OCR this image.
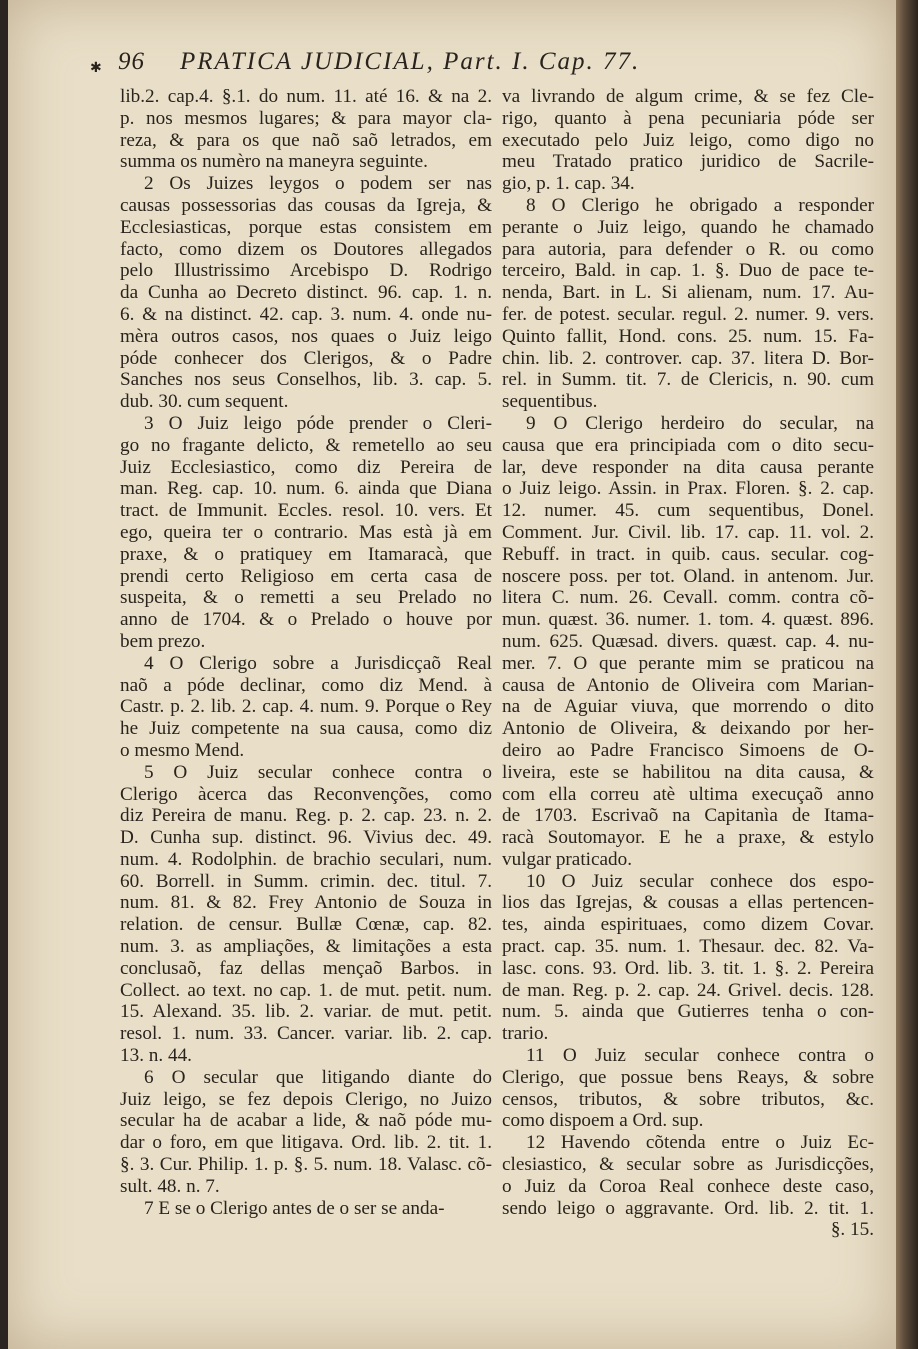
✱ 96 PRATICA JUDICIAL, Part. I. Cap. 77.
lib.2. cap.4. §.1. do num. 11. até 16. & na 2.
p. nos mesmos lugares; & para mayor cla-
reza, & para os que naõ saõ letrados, em
summa os numèro na maneyra seguinte.
2 Os Juizes leygos o podem ser nas
causas possessorias das cousas da Igreja, &
Ecclesiasticas, porque estas consistem em
facto, como dizem os Doutores allegados
pelo Illustrissimo Arcebispo D. Rodrigo
da Cunha ao Decreto distinct. 96. cap. 1. n.
6. & na distinct. 42. cap. 3. num. 4. onde nu-
mèra outros casos, nos quaes o Juiz leigo
póde conhecer dos Clerigos, & o Padre
Sanches nos seus Conselhos, lib. 3. cap. 5.
dub. 30. cum sequent.
3 O Juiz leigo póde prender o Cleri-
go no fragante delicto, & remetello ao seu
Juiz Ecclesiastico, como diz Pereira de
man. Reg. cap. 10. num. 6. ainda que Diana
tract. de Immunit. Eccles. resol. 10. vers. Et
ego, queira ter o contrario. Mas està jà em
praxe, & o pratiquey em Itamaracà, que
prendi certo Religioso em certa casa de
suspeita, & o remetti a seu Prelado no
anno de 1704. & o Prelado o houve por
bem prezo.
4 O Clerigo sobre a Jurisdicçaõ Real
naõ a póde declinar, como diz Mend. à
Castr. p. 2. lib. 2. cap. 4. num. 9. Porque o Rey
he Juiz competente na sua causa, como diz
o mesmo Mend.
5 O Juiz secular conhece contra o
Clerigo àcerca das Reconvenções, como
diz Pereira de manu. Reg. p. 2. cap. 23. n. 2.
D. Cunha sup. distinct. 96. Vivius dec. 49.
num. 4. Rodolphin. de brachio seculari, num.
60. Borrell. in Summ. crimin. dec. titul. 7.
num. 81. & 82. Frey Antonio de Souza in
relation. de censur. Bullæ Cœnæ, cap. 82.
num. 3. as ampliações, & limitações a esta
conclusaõ, faz dellas mençaõ Barbos. in
Collect. ao text. no cap. 1. de mut. petit. num.
15. Alexand. 35. lib. 2. variar. de mut. petit.
resol. 1. num. 33. Cancer. variar. lib. 2. cap.
13. n. 44.
6 O secular que litigando diante do
Juiz leigo, se fez depois Clerigo, no Juizo
secular ha de acabar a lide, & naõ póde mu-
dar o foro, em que litigava. Ord. lib. 2. tit. 1.
§. 3. Cur. Philip. 1. p. §. 5. num. 18. Valasc. cõ-
sult. 48. n. 7.
7 E se o Clerigo antes de o ser se anda-
va livrando de algum crime, & se fez Cle-
rigo, quanto à pena pecuniaria póde ser
executado pelo Juiz leigo, como digo no
meu Tratado pratico juridico de Sacrile-
gio, p. 1. cap. 34.
8 O Clerigo he obrigado a responder
perante o Juiz leigo, quando he chamado
para autoria, para defender o R. ou como
terceiro, Bald. in cap. 1. §. Duo de pace te-
nenda, Bart. in L. Si alienam, num. 17. Au-
fer. de potest. secular. regul. 2. numer. 9. vers.
Quinto fallit, Hond. cons. 25. num. 15. Fa-
chin. lib. 2. controver. cap. 37. litera D. Bor-
rel. in Summ. tit. 7. de Clericis, n. 90. cum
sequentibus.
9 O Clerigo herdeiro do secular, na
causa que era principiada com o dito secu-
lar, deve responder na dita causa perante
o Juiz leigo. Assin. in Prax. Floren. §. 2. cap.
12. numer. 45. cum sequentibus, Donel.
Comment. Jur. Civil. lib. 17. cap. 11. vol. 2.
Rebuff. in tract. in quib. caus. secular. cog-
noscere poss. per tot. Oland. in antenom. Jur.
litera C. num. 26. Cevall. comm. contra cõ-
mun. quæst. 36. numer. 1. tom. 4. quæst. 896.
num. 625. Quæsad. divers. quæst. cap. 4. nu-
mer. 7. O que perante mim se praticou na
causa de Antonio de Oliveira com Marian-
na de Aguiar viuva, que morrendo o dito
Antonio de Oliveira, & deixando por her-
deiro ao Padre Francisco Simoens de O-
liveira, este se habilitou na dita causa, &
com ella correu atè ultima execuçaõ anno
de 1703. Escrivaõ na Capitanìa de Itama-
racà Soutomayor. E he a praxe, & estylo
vulgar praticado.
10 O Juiz secular conhece dos espo-
lios das Igrejas, & cousas a ellas pertencen-
tes, ainda espirituaes, como dizem Covar.
pract. cap. 35. num. 1. Thesaur. dec. 82. Va-
lasc. cons. 93. Ord. lib. 3. tit. 1. §. 2. Pereira
de man. Reg. p. 2. cap. 24. Grivel. decis. 128.
num. 5. ainda que Gutierres tenha o con-
trario.
11 O Juiz secular conhece contra o
Clerigo, que possue bens Reays, & sobre
censos, tributos, & sobre tributos, &c.
como dispoem a Ord. sup.
12 Havendo cõtenda entre o Juiz Ec-
clesiastico, & secular sobre as Jurisdicções,
o Juiz da Coroa Real conhece deste caso,
sendo leigo o aggravante. Ord. lib. 2. tit. 1.
§. 15.
